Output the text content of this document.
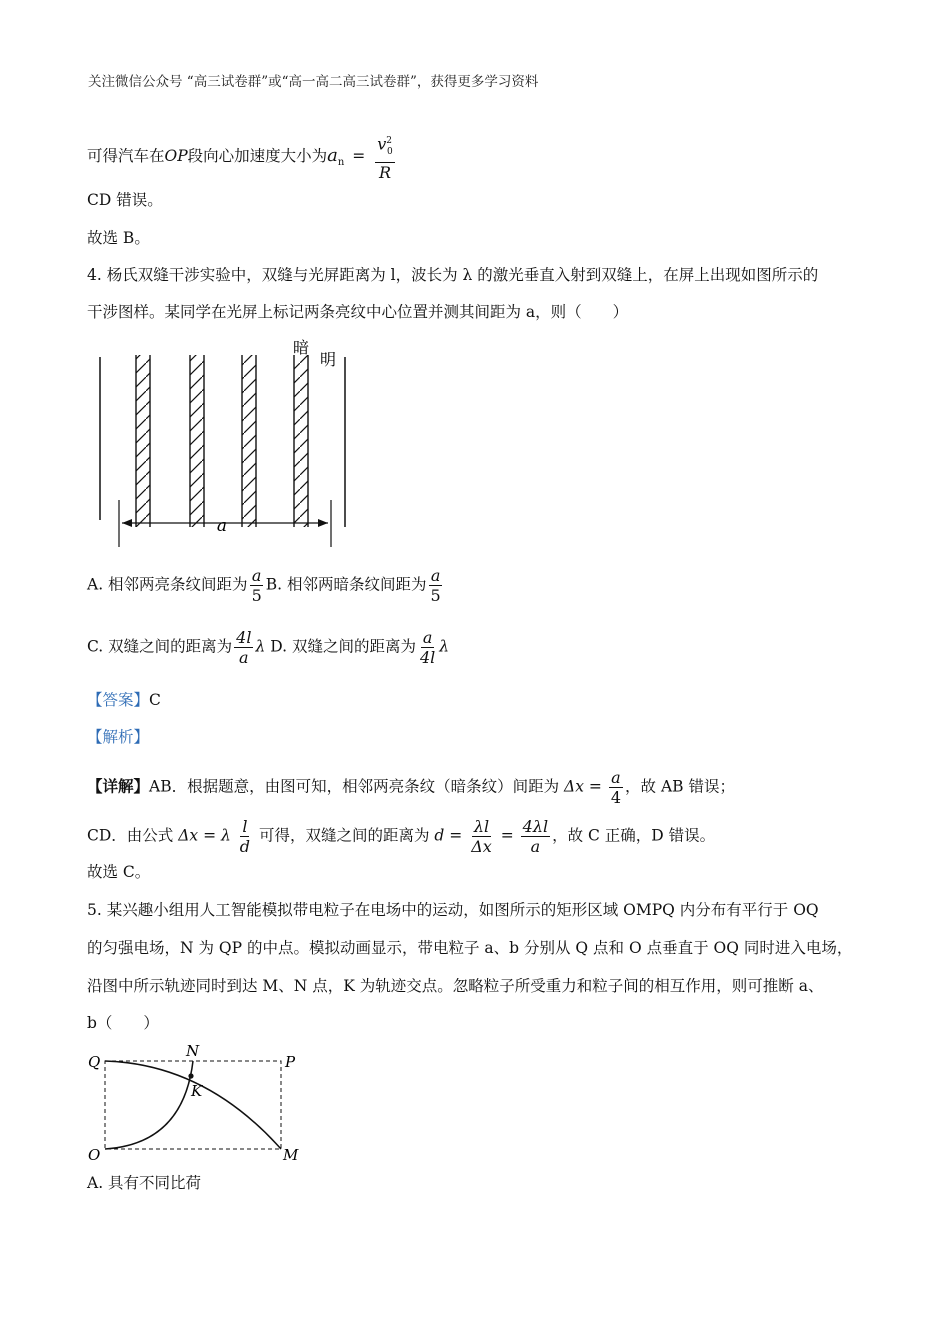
关注微信公众号 “高三试卷群”或“高一高二高三试卷群”，获得更多学习资料
可得汽车在OP段向心加速度大小为$a_n = \frac{v^2_0}{R}$
CD 错误。
故选 B。
4. 杨氏双缝干涉实验中，双缝与光屏距离为 l，波长为 λ 的激光垂直入射到双缝上，在屏上出现如图所示的
干涉图样。某同学在光屏上标记两条亮纹中心位置并测其间距为 a，则（　　）
暗
明
a
A. 相邻两亮条纹间距为 $\frac{a}{5} B$. 相邻两暗条纹间距为 $\frac{a}{5}$
C. 双缝之间的距离为 $\frac{4l}{a}$ λ D. 双缝之间的距离为 $\frac{a}{4l}$ λ
【答案】C
【解析】
【详解】AB．根据题意，由图可知，相邻两亮条纹（暗条纹）间距为 $\Delta x = \frac{a}{4}$ ，故 AB 错误；
CD．由公式 Δx = λ $\frac{l}{d}$ 可得，双缝之间的距离为 $d = \frac{\lambda l}{\Delta x} = \frac{4\lambda l}{a}$ ，故 C 正确，D 错误。
故选 C。
5. 某兴趣小组用人工智能模拟带电粒子在电场中的运动，如图所示的矩形区域 OMPQ 内分布有平行于 OQ
的匀强电场，N 为 QP 的中点。模拟动画显示，带电粒子 a、b 分别从 Q 点和 O 点垂直于 OQ 同时进入电场，
沿图中所示轨迹同时到达 M、N 点，K 为轨迹交点。忽略粒子所受重力和粒子间的相互作用，则可推断 a、
b（　　）
Q
N
P
K
O	M
A. 具有不同比荷
